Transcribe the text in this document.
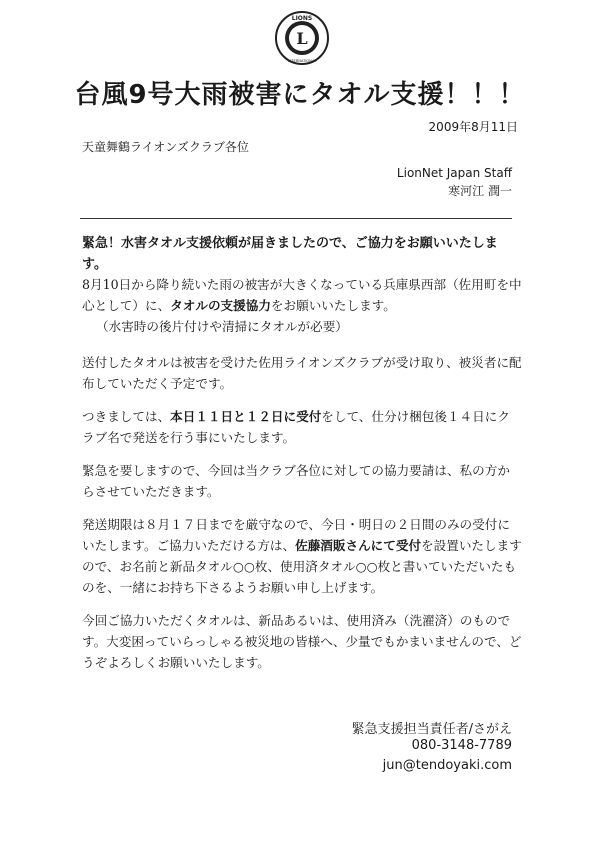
L
LIONS
INTERNATIONAL
台風9号大雨被害にタオル支援！！！
2009年8月11日
天童舞鶴ライオンズクラブ各位
LionNet Japan Staff
寒河江 潤一
緊急！水害タオル支援依頼が届きましたので、ご協力をお願いいたします。
8月10日から降り続いた雨の被害が大きくなっている兵庫県西部（佐用町を中心として）に、タオルの支援協力をお願いいたします。
（水害時の後片付けや清掃にタオルが必要）
送付したタオルは被害を受けた佐用ライオンズクラブが受け取り、被災者に配布していただく予定です。
つきましては、本日１１日と１２日に受付をして、仕分け梱包後１４日にクラブ名で発送を行う事にいたします。
緊急を要しますので、今回は当クラブ各位に対しての協力要請は、私の方からさせていただきます。
発送期限は８月１７日までを厳守なので、今日・明日の２日間のみの受付にいたします。ご協力いただける方は、佐藤酒販さんにて受付を設置いたしますので、お名前と新品タオル○○枚、使用済タオル○○枚と書いていただいたものを、一緒にお持ち下さるようお願い申し上げます。
今回ご協力いただくタオルは、新品あるいは、使用済み（洗濯済）のものです。大変困っていらっしゃる被災地の皆様へ、少量でもかまいませんので、どうぞよろしくお願いいたします。
緊急支援担当責任者/さがえ
080-3148-7789
jun@tendoyaki.com
